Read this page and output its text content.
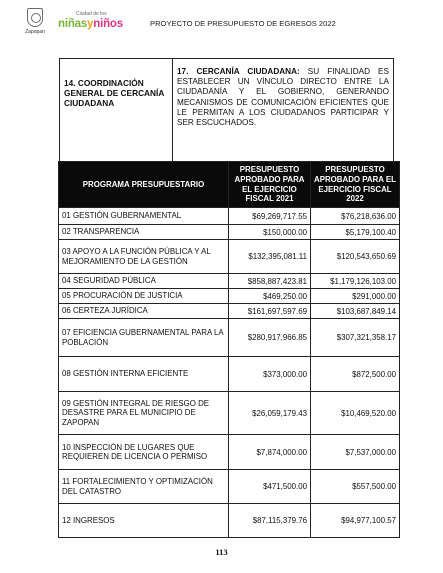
Zapopan
Ciudad de los
niñasyniños	PROYECTO DE PRESUPUESTO DE EGRESOS 2022
14. COORDINACIÓN GENERAL DE CERCANÍA CIUDADANA
17. CERCANÍA CIUDADANA: SU FINALIDAD ES ESTABLECER UN VÍNCULO DIRECTO ENTRE LA CIUDADANÍA Y EL GOBIERNO, GENERANDO MECANISMOS DE COMUNICACIÓN EFICIENTES QUE LE PERMITAN A LOS CIUDADANOS PARTICIPAR Y SER ESCUCHADOS.
PROGRAMA PRESUPUESTARIO	PRESUPUESTO APROBADO PARA EL EJERCICIO FISCAL 2021	PRESUPUESTO APROBADO PARA EL EJERCICIO FISCAL 2022
01 GESTIÓN GUBERNAMENTAL	$69,269,717.55	$76,218,636.00
02 TRANSPARENCIA	$150,000.00	$5,179,100.40
03 APOYO A LA FUNCIÓN PÚBLICA Y AL MEJORAMIENTO DE LA GESTIÓN	$132,395,081.11	$120,543,650.69
04 SEGURIDAD PÚBLICA	$858,887,423.81	$1,179,126,103.00
05 PROCURACIÓN DE JUSTICIA	$469,250.00	$291,000.00
06 CERTEZA JURÍDICA	$161,697,597.69	$103,687,849.14
07 EFICIENCIA GUBERNAMENTAL PARA LA POBLACIÓN	$280,917,966.85	$307,321,358.17
08 GESTIÓN INTERNA EFICIENTE	$373,000.00	$872,500.00
09 GESTIÓN INTEGRAL DE RIESGO DE DESASTRE PARA EL MUNICIPIO DE ZAPOPAN	$26,059,179.43	$10,469,520.00
10 INSPECCIÓN DE LUGARES QUE REQUIEREN DE LICENCIA O PERMISO	$7,874,000.00	$7,537,000.00
11 FORTALECIMIENTO Y OPTIMIZACIÓN DEL CATASTRO	$471,500.00	$557,500.00
12 INGRESOS	$87,115,379.76	$94,977,100.57
113
